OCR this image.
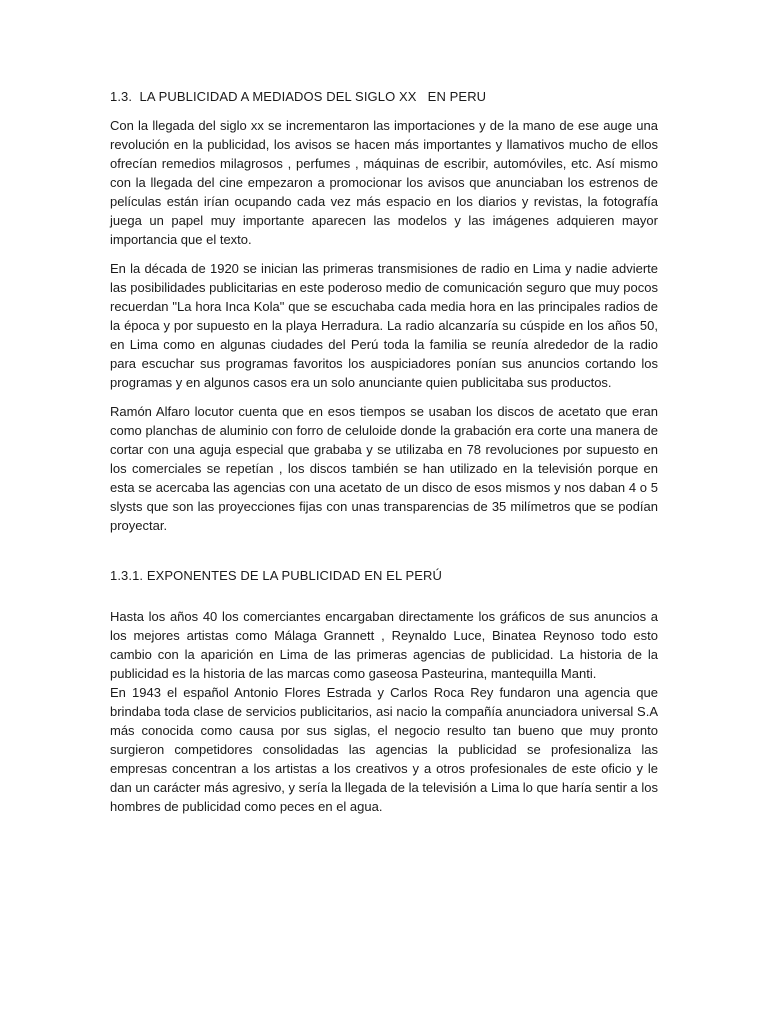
1.3.  LA PUBLICIDAD A MEDIADOS DEL SIGLO XX   EN PERU

Con la llegada del siglo xx se incrementaron las importaciones y de la mano de ese auge una revolución en la publicidad, los avisos se hacen más importantes y llamativos mucho de ellos ofrecían remedios milagrosos , perfumes , máquinas de escribir, automóviles, etc. Así mismo con la llegada del cine empezaron a promocionar los avisos que anunciaban los estrenos de películas están irían ocupando cada vez más espacio en los diarios y revistas, la fotografía juega un papel muy importante aparecen las modelos y las imágenes adquieren mayor importancia que el texto.

En la década de 1920 se inician las primeras transmisiones de radio en Lima y nadie advierte las posibilidades publicitarias en este poderoso medio de comunicación seguro que muy pocos recuerdan "La hora Inca Kola" que se escuchaba cada media hora en las principales radios de la época y por supuesto en la playa Herradura. La radio alcanzaría su cúspide en los años 50, en Lima como en algunas ciudades del Perú toda la familia se reunía alrededor de la radio para escuchar sus programas favoritos los auspiciadores ponían sus anuncios cortando los programas y en algunos casos era un solo anunciante quien publicitaba sus productos.

Ramón Alfaro locutor cuenta que en esos tiempos se usaban los discos de acetato que eran como planchas de aluminio con forro de celuloide donde la grabación era corte una manera de cortar con una aguja especial que grababa y se utilizaba en 78 revoluciones por supuesto en los comerciales se repetían , los discos también se han utilizado en la televisión porque en esta se acercaba las agencias con una acetato de un disco de esos mismos y nos daban 4 o 5 slysts que son las proyecciones fijas con unas transparencias de 35 milímetros que se podían proyectar.

1.3.1. EXPONENTES DE LA PUBLICIDAD EN EL PERÚ

Hasta los años 40 los comerciantes encargaban directamente los gráficos de sus anuncios a los mejores artistas como Málaga Grannett , Reynaldo Luce, Binatea Reynoso todo esto cambio con la aparición en Lima de las primeras agencias de publicidad. La historia de la publicidad es la historia de las marcas como gaseosa Pasteurina, mantequilla Manti.

En 1943 el español Antonio Flores Estrada y Carlos Roca Rey fundaron una agencia que brindaba toda clase de servicios publicitarios, asi nacio la compañía anunciadora universal S.A más conocida como causa por sus siglas, el negocio resulto tan bueno que muy pronto surgieron competidores consolidadas las agencias la publicidad se profesionaliza las empresas concentran a los artistas a los creativos y a otros profesionales de este oficio y le dan un carácter más agresivo, y sería la llegada de la televisión a Lima lo que haría sentir a los hombres de publicidad como peces en el agua.
